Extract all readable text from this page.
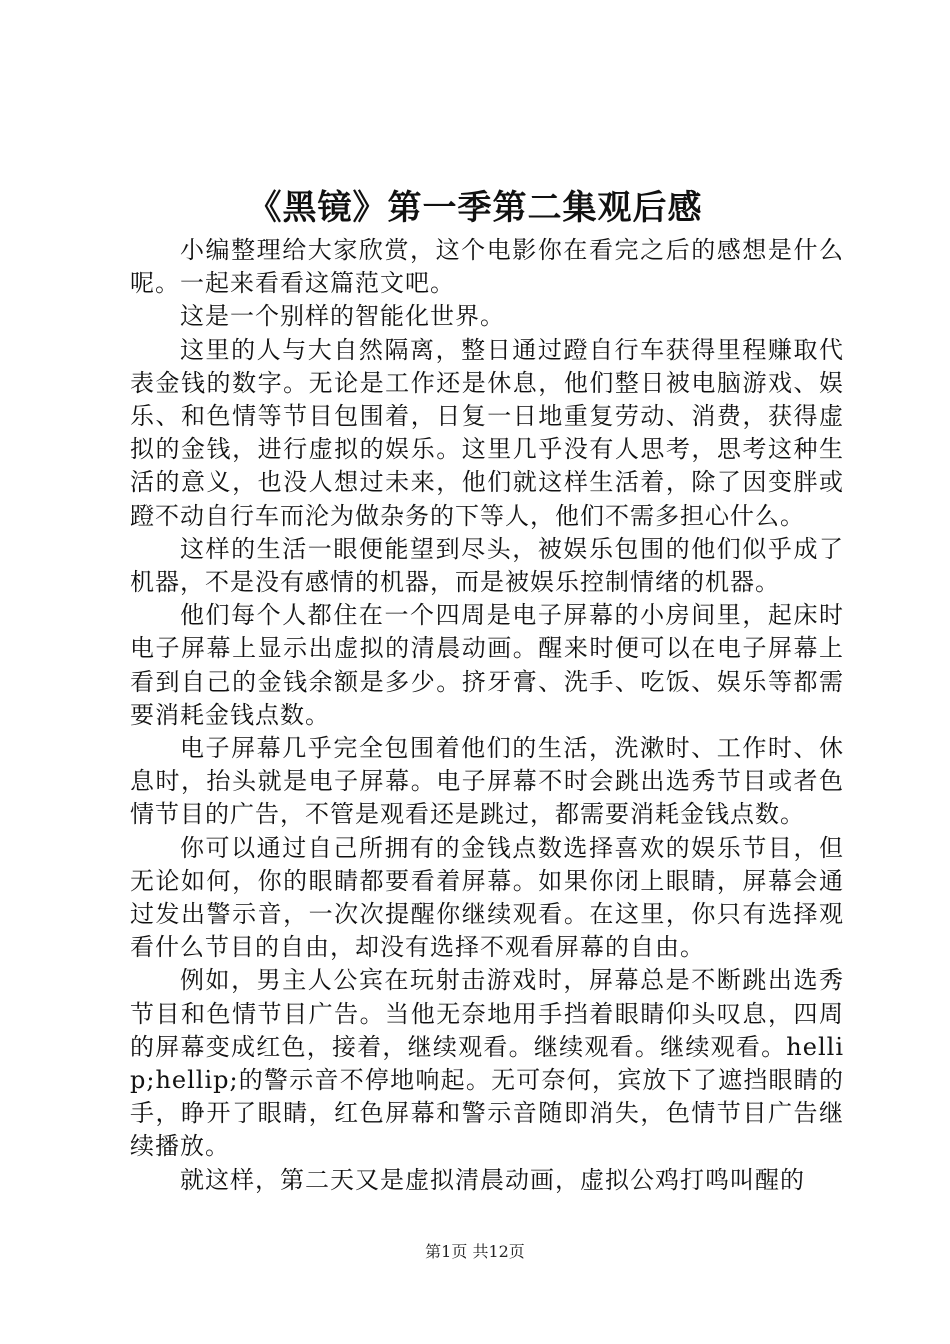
《黑镜》第一季第二集观后感

小编整理给大家欣赏，这个电影你在看完之后的感想是什么呢。一起来看看这篇范文吧。

这是一个别样的智能化世界。

这里的人与大自然隔离，整日通过蹬自行车获得里程赚取代表金钱的数字。无论是工作还是休息，他们整日被电脑游戏、娱乐、和色情等节目包围着，日复一日地重复劳动、消费，获得虚拟的金钱，进行虚拟的娱乐。这里几乎没有人思考，思考这种生活的意义，也没人想过未来，他们就这样生活着，除了因变胖或蹬不动自行车而沦为做杂务的下等人，他们不需多担心什么。

这样的生活一眼便能望到尽头，被娱乐包围的他们似乎成了机器，不是没有感情的机器，而是被娱乐控制情绪的机器。

他们每个人都住在一个四周是电子屏幕的小房间里，起床时电子屏幕上显示出虚拟的清晨动画。醒来时便可以在电子屏幕上看到自己的金钱余额是多少。挤牙膏、洗手、吃饭、娱乐等都需要消耗金钱点数。

电子屏幕几乎完全包围着他们的生活，洗漱时、工作时、休息时，抬头就是电子屏幕。电子屏幕不时会跳出选秀节目或者色情节目的广告，不管是观看还是跳过，都需要消耗金钱点数。

你可以通过自己所拥有的金钱点数选择喜欢的娱乐节目，但无论如何，你的眼睛都要看着屏幕。如果你闭上眼睛，屏幕会通过发出警示音，一次次提醒你继续观看。在这里，你只有选择观看什么节目的自由，却没有选择不观看屏幕的自由。

例如，男主人公宾在玩射击游戏时，屏幕总是不断跳出选秀节目和色情节目广告。当他无奈地用手挡着眼睛仰头叹息，四周的屏幕变成红色，接着，继续观看。继续观看。继续观看。hellip;hellip;的警示音不停地响起。无可奈何，宾放下了遮挡眼睛的手，睁开了眼睛，红色屏幕和警示音随即消失，色情节目广告继续播放。

就这样，第二天又是虚拟清晨动画，虚拟公鸡打鸣叫醒的

第1页 共12页
